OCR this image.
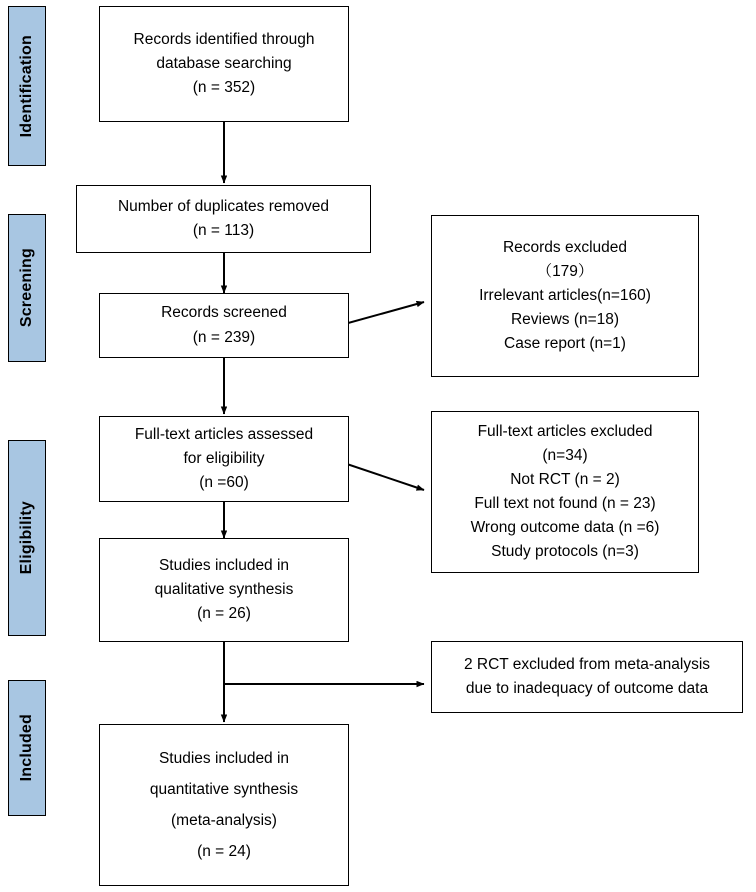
Identification
Screening
Eligibility
Included
Records identified through
database searching
(n = 352)
Number of duplicates removed
(n = 113)
Records screened
(n = 239)
Records excluded
（179）
Irrelevant articles(n=160)
Reviews (n=18)
Case report (n=1)
Full-text articles assessed
for eligibility
(n =60)
Full-text articles excluded
(n=34)
Not RCT (n = 2)
Full text not found (n = 23)
Wrong outcome data (n =6)
Study protocols (n=3)
Studies included in
qualitative synthesis
(n = 26)
2 RCT excluded from meta-analysis
due to inadequacy of outcome data
Studies included in
quantitative synthesis
(meta-analysis)
(n = 24)
